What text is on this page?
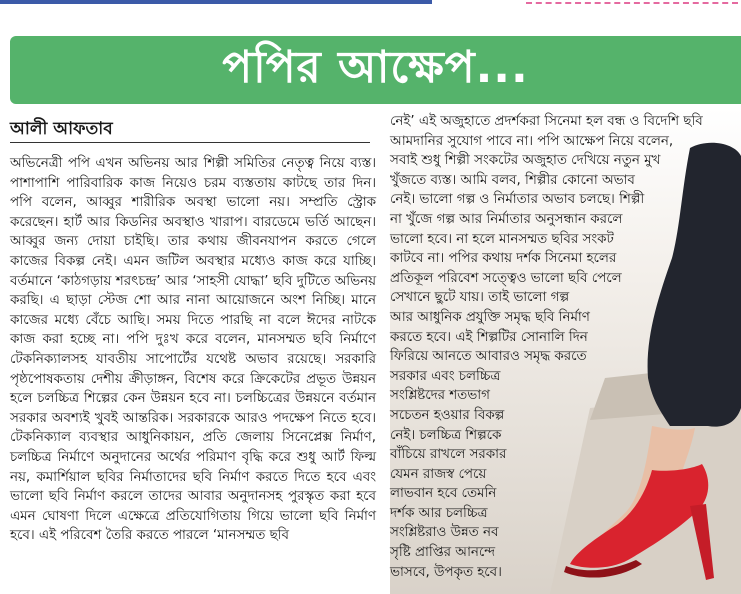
পপির আক্ষেপ...
আলী আফতাব

অভিনেত্রী পপি এখন অভিনয় আর শিল্পী সমিতির নেতৃত্ব নিয়ে ব্যস্ত। পাশাপাশি পারিবারিক কাজ নিয়েও চরম ব্যস্ততায় কাটছে তার দিন। পপি বলেন, আব্বুর শারীরিক অবস্থা ভালো নয়। সম্প্রতি স্ট্রোক করেছেন। হার্ট আর কিডনির অবস্থাও খারাপ। বারডেমে ভর্তি আছেন। আব্বুর জন্য দোয়া চাইছি। তার কথায় জীবনযাপন করতে গেলে কাজের বিকল্প নেই। এমন জটিল অবস্থার মধ্যেও কাজ করে যাচ্ছি। বর্তমানে ‘কাঠগড়ায় শরৎচন্দ্র’ আর ‘সাহসী যোদ্ধা’ ছবি দুটিতে অভিনয় করছি। এ ছাড়া স্টেজ শো আর নানা আয়োজনে অংশ নিচ্ছি। মানে কাজের মধ্যে বেঁচে আছি। সময় দিতে পারছি না বলে ঈদের নাটকে কাজ করা হচ্ছে না। পপি দুঃখ করে বলেন, মানসম্মত ছবি নির্মাণে টেকনিক্যালসহ যাবতীয় সাপোর্টের যথেষ্ট অভাব রয়েছে। সরকারি পৃষ্ঠপোষকতায় দেশীয় ক্রীড়াঙ্গন, বিশেষ করে ক্রিকেটের প্রভূত উন্নয়ন হলে চলচ্চিত্র শিল্পের কেন উন্নয়ন হবে না। চলচ্চিত্রের উন্নয়নে বর্তমান সরকার অবশ্যই খুবই আন্তরিক। সরকারকে আরও পদক্ষেপ নিতে হবে। টেকনিক্যাল ব্যবস্থার আধুনিকায়ন, প্রতি জেলায় সিনেপ্লেক্স নির্মাণ, চলচ্চিত্র নির্মাণে অনুদানের অর্থের পরিমাণ বৃদ্ধি করে শুধু আর্ট ফিল্ম নয়, কমার্শিয়াল ছবির নির্মাতাদের ছবি নির্মাণ করতে দিতে হবে এবং ভালো ছবি নির্মাণ করলে তাদের আবার অনুদানসহ পুরস্কৃত করা হবে এমন ঘোষণা দিলে এক্ষেত্রে প্রতিযোগিতায় গিয়ে ভালো ছবি নির্মাণ হবে। এই পরিবেশ তৈরি করতে পারলে ‘মানসম্মত ছবি

নেই’ এই অজুহাতে প্রদর্শকরা সিনেমা হল বন্ধ ও বিদেশি ছবি
আমদানির সুযোগ পাবে না। পপি আক্ষেপ নিয়ে বলেন,
সবাই শুধু শিল্পী সংকটের অজুহাত দেখিয়ে নতুন মুখ
খুঁজতে ব্যস্ত। আমি বলব, শিল্পীর কোনো অভাব
নেই। ভালো গল্প ও নির্মাতার অভাব চলছে। শিল্পী
না খুঁজে গল্প আর নির্মাতার অনুসন্ধান করলে
ভালো হবে। না হলে মানসম্মত ছবির সংকট
কাটবে না। পপির কথায় দর্শক সিনেমা হলের
প্রতিকূল পরিবেশ সত্ত্বেও ভালো ছবি পেলে
সেখানে ছুটে যায়। তাই ভালো গল্প
আর আধুনিক প্রযুক্তি সমৃদ্ধ ছবি নির্মাণ
করতে হবে। এই শিল্পটির সোনালি দিন
ফিরিয়ে আনতে আবারও সমৃদ্ধ করতে
সরকার এবং চলচ্চিত্র
সংশ্লিষ্টদের শতভাগ
সচেতন হওয়ার বিকল্প
নেই। চলচ্চিত্র শিল্পকে
বাঁচিয়ে রাখলে সরকার
যেমন রাজস্ব পেয়ে
লাভবান হবে তেমনি
দর্শক আর চলচ্চিত্র
সংশ্লিষ্টরাও উন্নত নব
সৃষ্টি প্রাপ্তির আনন্দে
ভাসবে, উপকৃত হবে।
